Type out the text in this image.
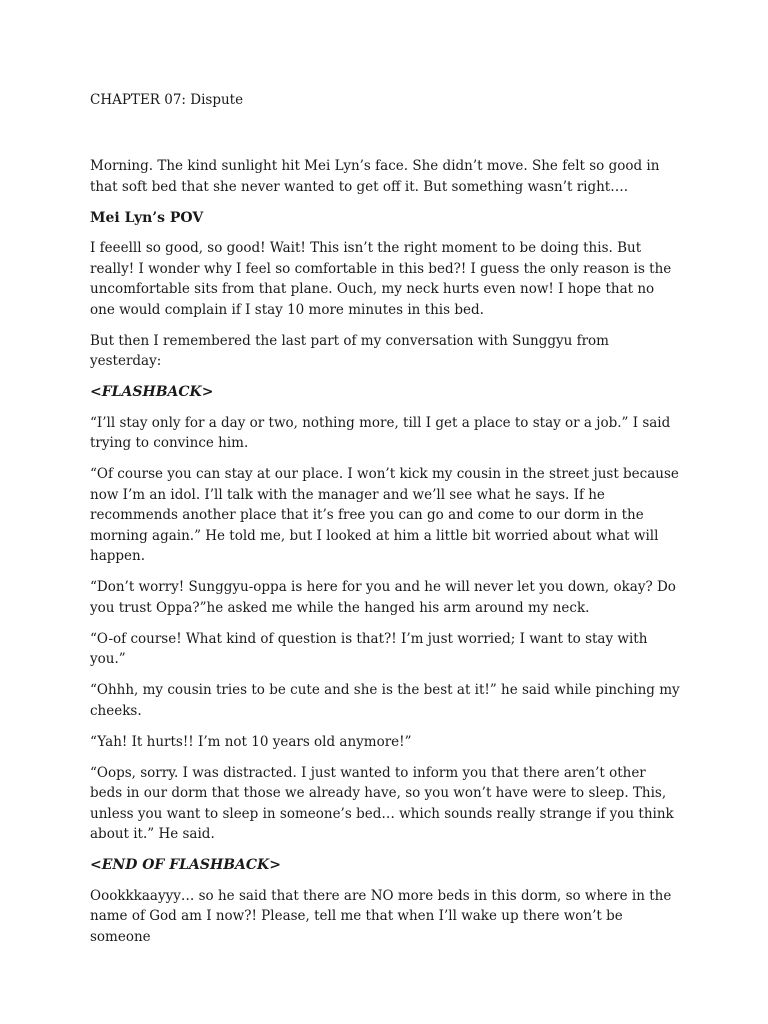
CHAPTER 07: Dispute

Morning. The kind sunlight hit Mei Lyn’s face. She didn’t move. She felt so good in that soft bed that she never wanted to get off it. But something wasn’t right….

Mei Lyn’s POV

I feeelll so good, so good! Wait! This isn’t the right moment to be doing this. But really! I wonder why I feel so comfortable in this bed?! I guess the only reason is the uncomfortable sits from that plane. Ouch, my neck hurts even now! I hope that no one would complain if I stay 10 more minutes in this bed.

But then I remembered the last part of my conversation with Sunggyu from yesterday:

<FLASHBACK>

“I’ll stay only for a day or two, nothing more, till I get a place to stay or a job.” I said trying to convince him.

“Of course you can stay at our place. I won’t kick my cousin in the street just because now I’m an idol. I’ll talk with the manager and we’ll see what he says. If he recommends another place that it’s free you can go and come to our dorm in the morning again.” He told me, but I looked at him a little bit worried about what will happen.

“Don’t worry! Sunggyu-oppa is here for you and he will never let you down, okay? Do you trust Oppa?”he asked me while the hanged his arm around my neck.

“O-of course! What kind of question is that?! I’m just worried; I want to stay with you.”

“Ohhh, my cousin tries to be cute and she is the best at it!” he said while pinching my cheeks.

“Yah! It hurts!! I’m not 10 years old anymore!”

“Oops, sorry. I was distracted. I just wanted to inform you that there aren’t other beds in our dorm that those we already have, so you won’t have were to sleep. This, unless you want to sleep in someone’s bed… which sounds really strange if you think about it.” He said.

<END OF FLASHBACK>

Oookkkaayyy… so he said that there are NO more beds in this dorm, so where in the name of God am I now?! Please, tell me that when I’ll wake up there won’t be someone
